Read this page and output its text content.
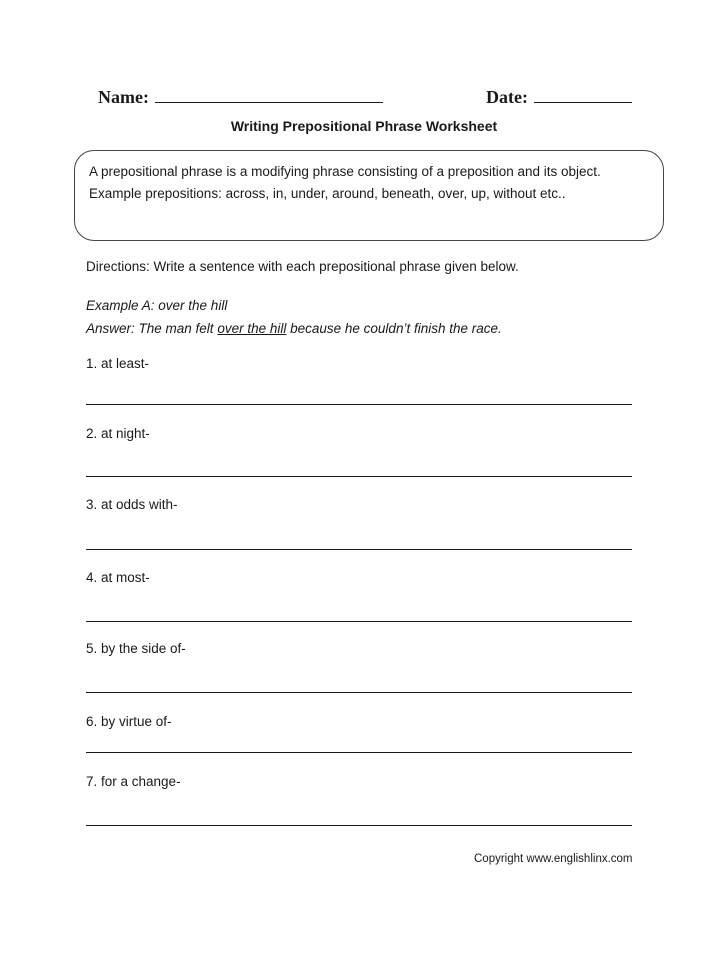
Name:	Date:
Writing Prepositional Phrase Worksheet

A prepositional phrase is a modifying phrase consisting of a preposition and its object.

Example prepositions: across, in, under, around, beneath, over, up, without etc..

Directions: Write a sentence with each prepositional phrase given below.

Example A: over the hill

Answer: The man felt over the hill because he couldn’t finish the race.

1. at least-
2. at night-
3. at odds with-
4. at most-
5. by the side of-
6. by virtue of-
7. for a change-
Copyright www.englishlinx.com
